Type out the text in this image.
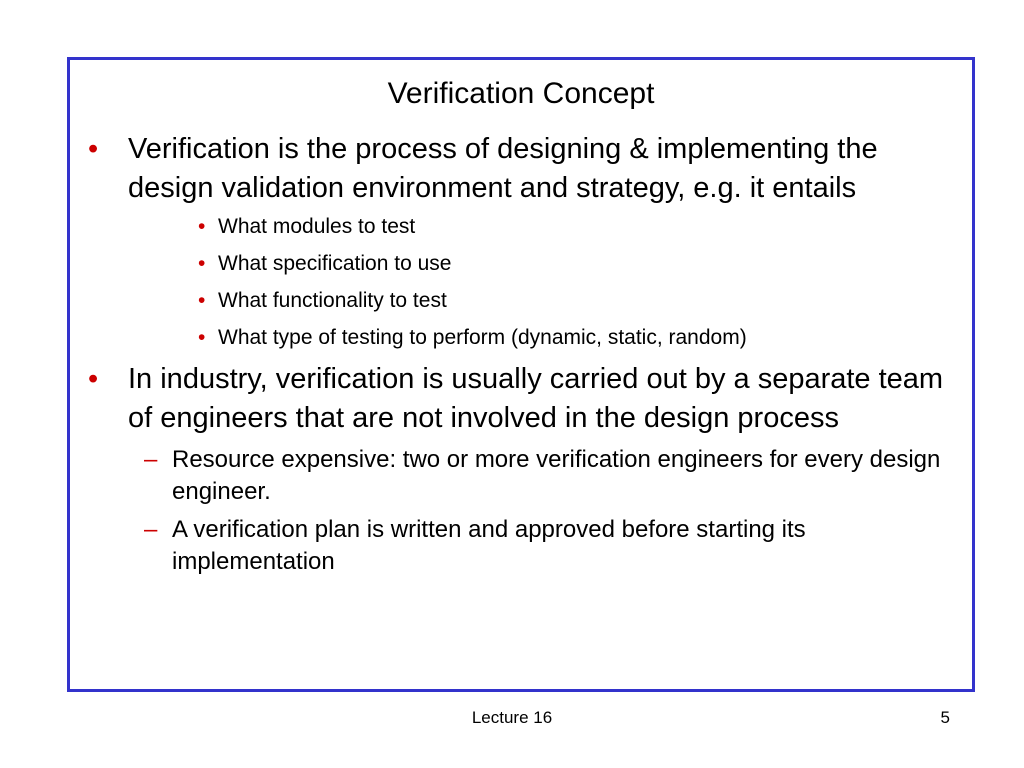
Verification Concept
• Verification is the process of designing & implementing the design validation environment and strategy, e.g. it entails
• What modules to test
• What specification to use
• What functionality to test
• What type of testing to perform (dynamic, static, random)
• In industry, verification is usually carried out by a separate team of engineers that are not involved in the design process
– Resource expensive: two or more verification engineers for every design engineer.
– A verification plan is written and approved before starting its implementation
Lecture 16	5
